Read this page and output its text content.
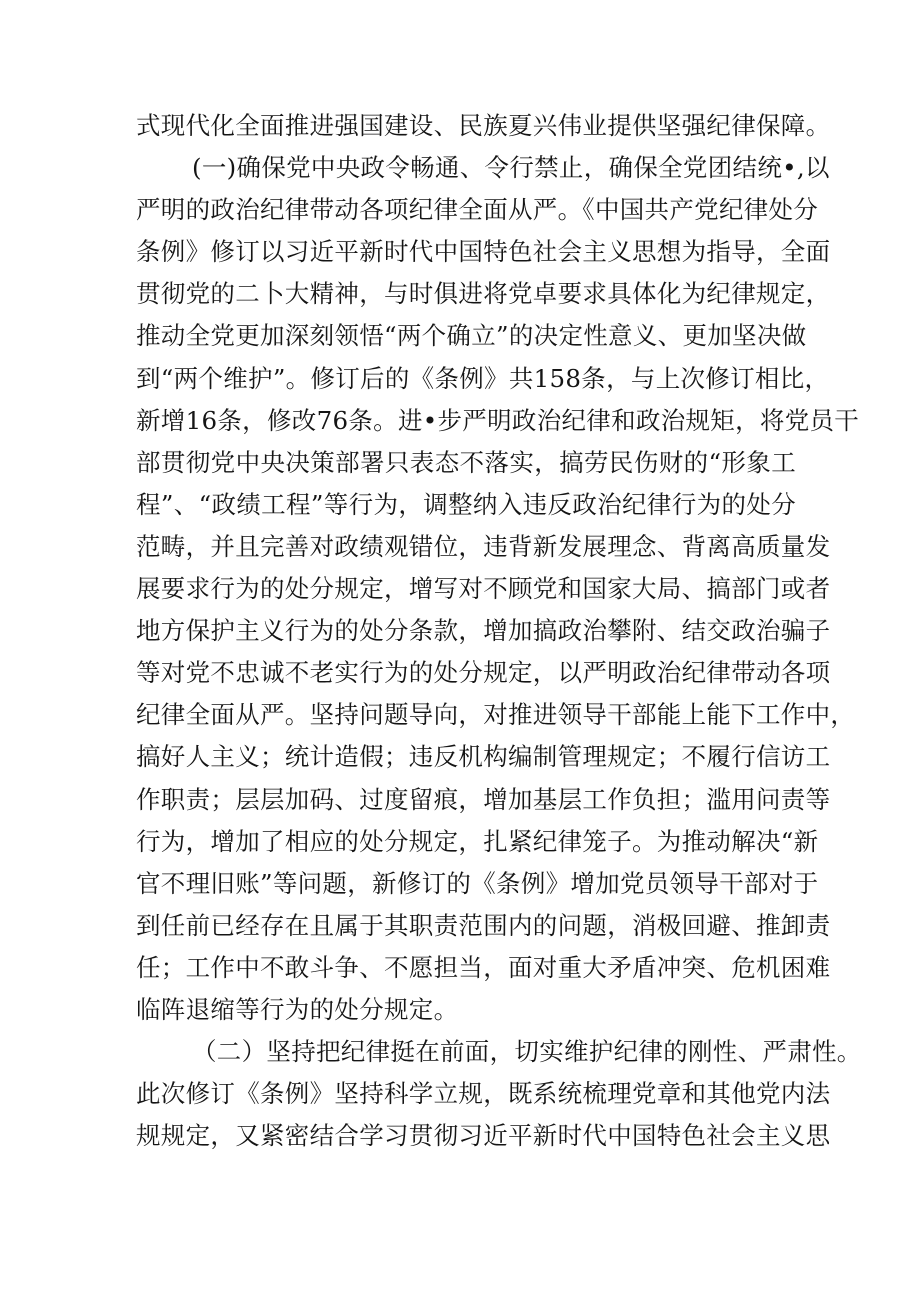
式现代化全面推进强国建设、民族夏兴伟业提供坚强纪律保障。
(一)确保党中央政令畅通、令行禁止，确保全党团结统•,以
严明的政治纪律带动各项纪律全面从严。《中国共产党纪律处分
条例》修订以习近平新时代中国特色社会主义思想为指导，全面
贯彻党的二卜大精神，与时俱进将党卓要求具体化为纪律规定，
推动全党更加深刻领悟“两个确立”的决定性意义、更加坚决做
到“两个维护”。修订后的《条例》共158条，与上次修订相比，
新增16条，修改76条。进•步严明政治纪律和政治规矩，将党员干
部贯彻党中央决策部署只表态不落实，搞劳民伤财的“形象工
程”、“政绩工程”等行为，调整纳入违反政治纪律行为的处分
范畴，并且完善对政绩观错位，违背新发展理念、背离高质量发
展要求行为的处分规定，增写对不顾党和国家大局、搞部门或者
地方保护主义行为的处分条款，增加搞政治攀附、结交政治骗子
等对党不忠诚不老实行为的处分规定，以严明政治纪律带动各项
纪律全面从严。坚持问题导向，对推进领导干部能上能下工作中，
搞好人主义；统计造假；违反机构编制管理规定；不履行信访工
作职责；层层加码、过度留痕，增加基层工作负担；滥用问责等
行为，增加了相应的处分规定，扎紧纪律笼子。为推动解决“新
官不理旧账”等问题，新修订的《条例》增加党员领导干部对于
到任前已经存在且属于其职责范围内的问题，消极回避、推卸责
任；工作中不敢斗争、不愿担当，面对重大矛盾冲突、危机困难
临阵退缩等行为的处分规定。
（二）坚持把纪律挺在前面，切实维护纪律的刚性、严肃性。
此次修订《条例》坚持科学立规，既系统梳理党章和其他党内法
规规定，又紧密结合学习贯彻习近平新时代中国特色社会主义思
